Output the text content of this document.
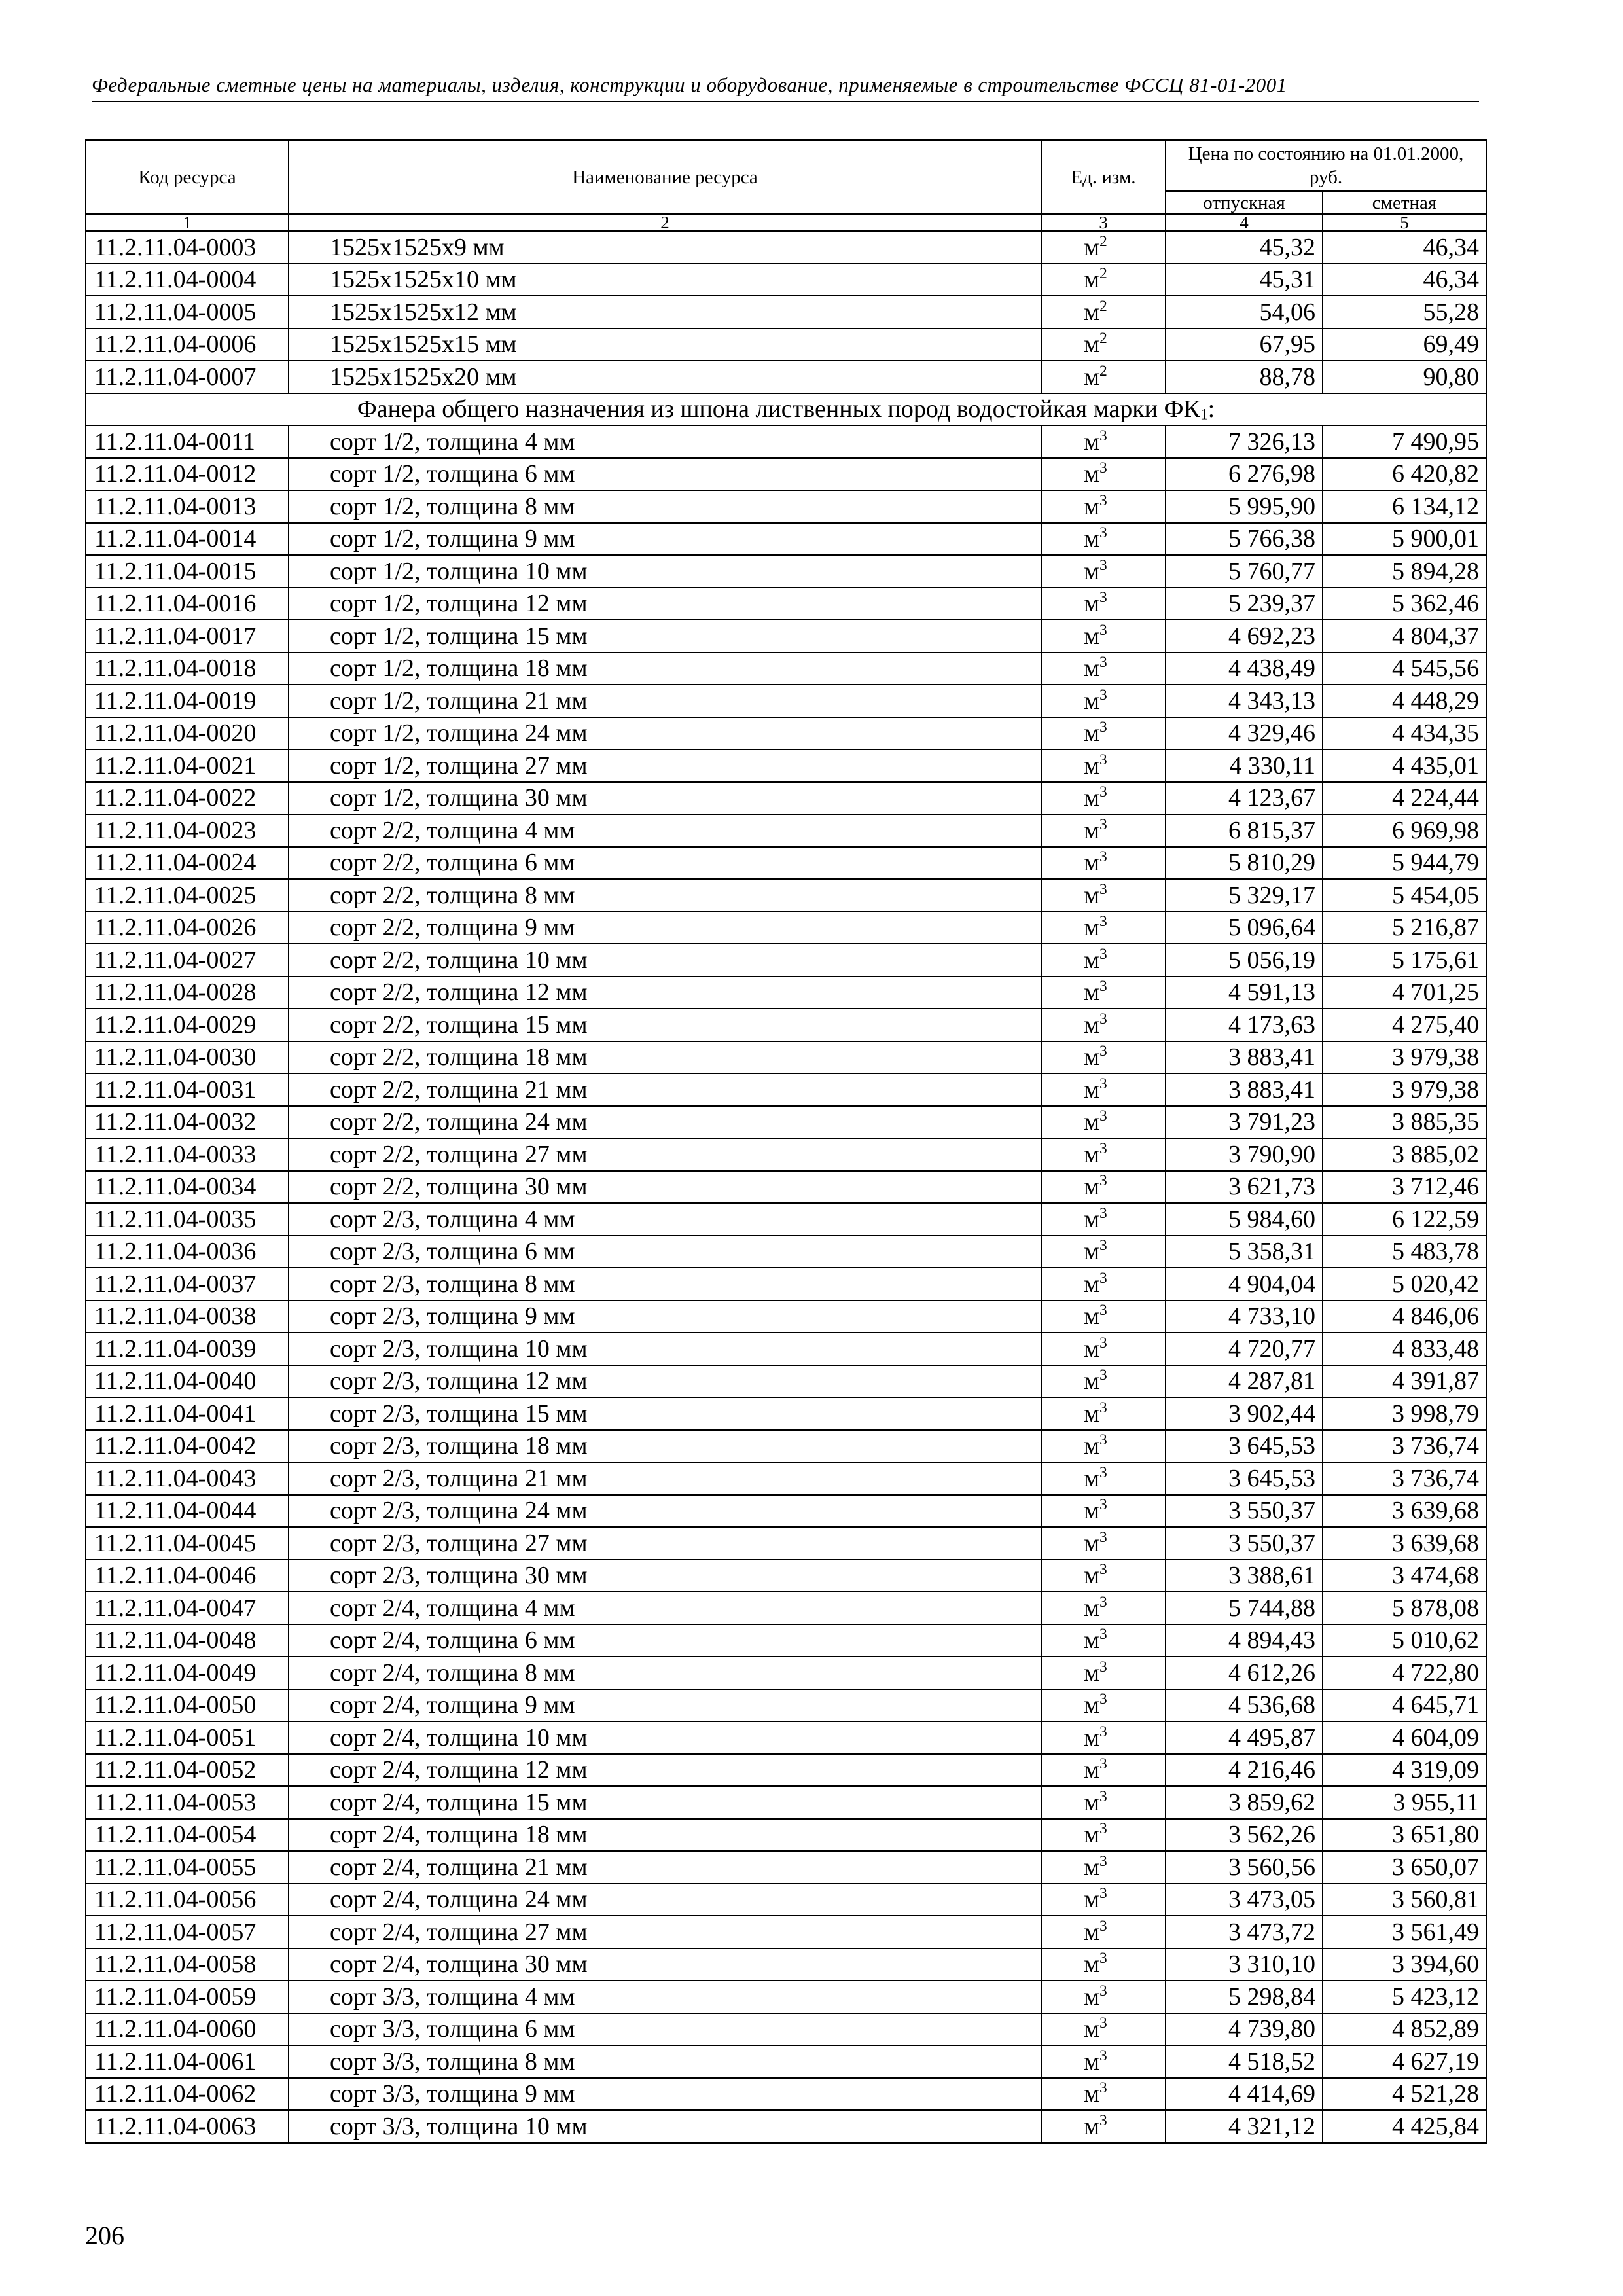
Федеральные сметные цены на материалы, изделия, конструкции и оборудование, применяемые в строительстве ФССЦ 81-01-2001
Код ресурса	Наименование ресурса	Ед. изм.	Цена по состоянию на 01.01.2000, руб.	
			отпускная	сметная
1	2	3	4	5
11.2.11.04-0003	1525x1525x9 мм	$м^2$	45,32	46,34
11.2.11.04-0004	1525x1525x10 мм	$м^2$	45,31	46,34
11.2.11.04-0005	1525x1525x12 мм	$м^2$	54,06	55,28
11.2.11.04-0006	1525x1525x15 мм	$м^2$	67,95	69,49
11.2.11.04-0007	1525x1525x20 мм	$м^2$	88,78	90,80
Фанера общего назначения из шпона лиственных пород водостойкая марки $ФК_1$:				
11.2.11.04-0011	сорт 1/2, толщина 4 мм	$м^3$	7 326,13	7 490,95
11.2.11.04-0012	сорт 1/2, толщина 6 мм	$м^3$	6 276,98	6 420,82
11.2.11.04-0013	сорт 1/2, толщина 8 мм	$м^3$	5 995,90	6 134,12
11.2.11.04-0014	сорт 1/2, толщина 9 мм	$м^3$	5 766,38	5 900,01
11.2.11.04-0015	сорт 1/2, толщина 10 мм	$м^3$	5 760,77	5 894,28
11.2.11.04-0016	сорт 1/2, толщина 12 мм	$м^3$	5 239,37	5 362,46
11.2.11.04-0017	сорт 1/2, толщина 15 мм	$м^3$	4 692,23	4 804,37
11.2.11.04-0018	сорт 1/2, толщина 18 мм	$м^3$	4 438,49	4 545,56
11.2.11.04-0019	сорт 1/2, толщина 21 мм	$м^3$	4 343,13	4 448,29
11.2.11.04-0020	сорт 1/2, толщина 24 мм	$м^3$	4 329,46	4 434,35
11.2.11.04-0021	сорт 1/2, толщина 27 мм	$м^3$	4 330,11	4 435,01
11.2.11.04-0022	сорт 1/2, толщина 30 мм	$м^3$	4 123,67	4 224,44
11.2.11.04-0023	сорт 2/2, толщина 4 мм	$м^3$	6 815,37	6 969,98
11.2.11.04-0024	сорт 2/2, толщина 6 мм	$м^3$	5 810,29	5 944,79
11.2.11.04-0025	сорт 2/2, толщина 8 мм	$м^3$	5 329,17	5 454,05
11.2.11.04-0026	сорт 2/2, толщина 9 мм	$м^3$	5 096,64	5 216,87
11.2.11.04-0027	сорт 2/2, толщина 10 мм	$м^3$	5 056,19	5 175,61
11.2.11.04-0028	сорт 2/2, толщина 12 мм	$м^3$	4 591,13	4 701,25
11.2.11.04-0029	сорт 2/2, толщина 15 мм	$м^3$	4 173,63	4 275,40
11.2.11.04-0030	сорт 2/2, толщина 18 мм	$м^3$	3 883,41	3 979,38
11.2.11.04-0031	сорт 2/2, толщина 21 мм	$м^3$	3 883,41	3 979,38
11.2.11.04-0032	сорт 2/2, толщина 24 мм	$м^3$	3 791,23	3 885,35
11.2.11.04-0033	сорт 2/2, толщина 27 мм	$м^3$	3 790,90	3 885,02
11.2.11.04-0034	сорт 2/2, толщина 30 мм	$м^3$	3 621,73	3 712,46
11.2.11.04-0035	сорт 2/3, толщина 4 мм	$м^3$	5 984,60	6 122,59
11.2.11.04-0036	сорт 2/3, толщина 6 мм	$м^3$	5 358,31	5 483,78
11.2.11.04-0037	сорт 2/3, толщина 8 мм	$м^3$	4 904,04	5 020,42
11.2.11.04-0038	сорт 2/3, толщина 9 мм	$м^3$	4 733,10	4 846,06
11.2.11.04-0039	сорт 2/3, толщина 10 мм	$м^3$	4 720,77	4 833,48
11.2.11.04-0040	сорт 2/3, толщина 12 мм	$м^3$	4 287,81	4 391,87
11.2.11.04-0041	сорт 2/3, толщина 15 мм	$м^3$	3 902,44	3 998,79
11.2.11.04-0042	сорт 2/3, толщина 18 мм	$м^3$	3 645,53	3 736,74
11.2.11.04-0043	сорт 2/3, толщина 21 мм	$м^3$	3 645,53	3 736,74
11.2.11.04-0044	сорт 2/3, толщина 24 мм	$м^3$	3 550,37	3 639,68
11.2.11.04-0045	сорт 2/3, толщина 27 мм	$м^3$	3 550,37	3 639,68
11.2.11.04-0046	сорт 2/3, толщина 30 мм	$м^3$	3 388,61	3 474,68
11.2.11.04-0047	сорт 2/4, толщина 4 мм	$м^3$	5 744,88	5 878,08
11.2.11.04-0048	сорт 2/4, толщина 6 мм	$м^3$	4 894,43	5 010,62
11.2.11.04-0049	сорт 2/4, толщина 8 мм	$м^3$	4 612,26	4 722,80
11.2.11.04-0050	сорт 2/4, толщина 9 мм	$м^3$	4 536,68	4 645,71
11.2.11.04-0051	сорт 2/4, толщина 10 мм	$м^3$	4 495,87	4 604,09
11.2.11.04-0052	сорт 2/4, толщина 12 мм	$м^3$	4 216,46	4 319,09
11.2.11.04-0053	сорт 2/4, толщина 15 мм	$м^3$	3 859,62	3 955,11
11.2.11.04-0054	сорт 2/4, толщина 18 мм	$м^3$	3 562,26	3 651,80
11.2.11.04-0055	сорт 2/4, толщина 21 мм	$м^3$	3 560,56	3 650,07
11.2.11.04-0056	сорт 2/4, толщина 24 мм	$м^3$	3 473,05	3 560,81
11.2.11.04-0057	сорт 2/4, толщина 27 мм	$м^3$	3 473,72	3 561,49
11.2.11.04-0058	сорт 2/4, толщина 30 мм	$м^3$	3 310,10	3 394,60
11.2.11.04-0059	сорт 3/3, толщина 4 мм	$м^3$	5 298,84	5 423,12
11.2.11.04-0060	сорт 3/3, толщина 6 мм	$м^3$	4 739,80	4 852,89
11.2.11.04-0061	сорт 3/3, толщина 8 мм	$м^3$	4 518,52	4 627,19
11.2.11.04-0062	сорт 3/3, толщина 9 мм	$м^3$	4 414,69	4 521,28
11.2.11.04-0063	сорт 3/3, толщина 10 мм	$м^3$	4 321,12	4 425,84
206
